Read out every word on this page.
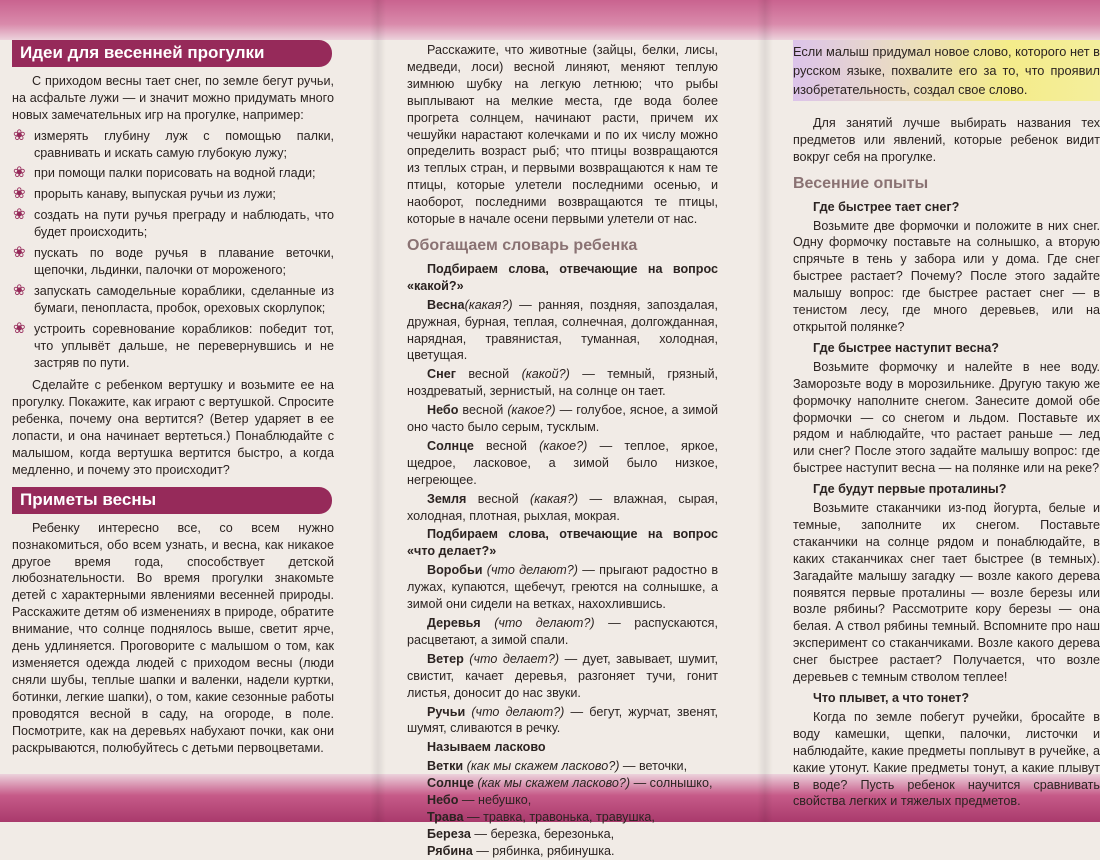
Идеи для весенней прогулки

С приходом весны тает снег, по земле бегут ручьи, на асфальте лужи — и значит можно придумать много новых замечательных игр на прогулке, например:

❀ измерять глубину луж с помощью палки, сравнивать и искать самую глубокую лужу;
❀ при помощи палки порисовать на водной глади;
❀ прорыть канаву, выпуская ручьи из лужи;
❀ создать на пути ручья преграду и наблюдать, что будет происходить;
❀ пускать по воде ручья в плавание веточки, щепочки, льдинки, палочки от мороженого;
❀ запускать самодельные кораблики, сделанные из бумаги, пенопласта, пробок, ореховых скорлупок;
❀ устроить соревнование корабликов: победит тот, что уплывёт дальше, не перевернувшись и не застряв по пути.

Сделайте с ребенком вертушку и возьмите ее на прогулку. Покажите, как играют с вертушкой. Спросите ребенка, почему она вертится? (Ветер ударяет в ее лопасти, и она начинает вертеться.) Понаблюдайте с малышом, когда вертушка вертится быстро, а когда медленно, и почему это происходит?

Приметы весны

Ребенку интересно все, со всем нужно познакомиться, обо всем узнать, и весна, как никакое другое время года, способствует детской любознательности. Во время прогулки знакомьте детей с характерными явлениями весенней природы. Расскажите детям об изменениях в природе, обратите внимание, что солнце поднялось выше, светит ярче, день удлиняется. Проговорите с малышом о том, как изменяется одежда людей с приходом весны (люди сняли шубы, теплые шапки и валенки, надели куртки, ботинки, легкие шапки), о том, какие сезонные работы проводятся весной в саду, на огороде, в поле. Посмотрите, как на деревьях набухают почки, как они раскрываются, полюбуйтесь с детьми первоцветами.

Расскажите, что животные (зайцы, белки, лисы, медведи, лоси) весной линяют, меняют теплую зимнюю шубку на легкую летнюю; что рыбы выплывают на мелкие места, где вода более прогрета солнцем, начинают расти, причем их чешуйки нарастают колечками и по их числу можно определить возраст рыб; что птицы возвращаются из теплых стран, и первыми возвращаются к нам те птицы, которые улетели последними осенью, и наоборот, последними возвращаются те птицы, которые в начале осени первыми улетели от нас.

Обогащаем словарь ребенка

Подбираем слова, отвечающие на вопрос «какой?»

Весна(какая?) — ранняя, поздняя, запоздалая, дружная, бурная, теплая, солнечная, долгожданная, нарядная, травянистая, туманная, холодная, цветущая.

Снег весной (какой?) — темный, грязный, ноздреватый, зернистый, на солнце он тает.

Небо весной (какое?) — голубое, ясное, а зимой оно часто было серым, тусклым.

Солнце весной (какое?) — теплое, яркое, щедрое, ласковое, а зимой было низкое, негреющее.

Земля весной (какая?) — влажная, сырая, холодная, плотная, рыхлая, мокрая.

Подбираем слова, отвечающие на вопрос «что делает?»

Воробьи (что делают?) — прыгают радостно в лужах, купаются, щебечут, греются на солнышке, а зимой они сидели на ветках, нахохлившись.

Деревья (что делают?) — распускаются, расцветают, а зимой спали.

Ветер (что делает?) — дует, завывает, шумит, свистит, качает деревья, разгоняет тучи, гонит листья, доносит до нас звуки.

Ручьи (что делают?) — бегут, журчат, звенят, шумят, сливаются в речку.

Называем ласково

Ветки (как мы скажем ласково?) — веточки,

Солнце (как мы скажем ласково?) — солнышко,

Небо — небушко,

Трава — травка, травонька, травушка,

Береза — березка, березонька,

Рябина — рябинка, рябинушка.

Если малыш придумал новое слово, которого нет в русском языке, похвалите его за то, что проявил изобретательность, создал свое слово.

Для занятий лучше выбирать названия тех предметов или явлений, которые ребенок видит вокруг себя на прогулке.

Весенние опыты

Где быстрее тает снег?

Возьмите две формочки и положите в них снег. Одну формочку поставьте на солнышко, а вторую спрячьте в тень у забора или у дома. Где снег быстрее растает? Почему? После этого задайте малышу вопрос: где быстрее растает снег — в тенистом лесу, где много деревьев, или на открытой полянке?

Где быстрее наступит весна?

Возьмите формочку и налейте в нее воду. Заморозьте воду в морозильнике. Другую такую же формочку наполните снегом. Занесите домой обе формочки — со снегом и льдом. Поставьте их рядом и наблюдайте, что растает раньше — лед или снег? После этого задайте малышу вопрос: где быстрее наступит весна — на полянке или на реке?

Где будут первые проталины?

Возьмите стаканчики из-под йогурта, белые и темные, заполните их снегом. Поставьте стаканчики на солнце рядом и понаблюдайте, в каких стаканчиках снег тает быстрее (в темных). Загадайте малышу загадку — возле какого дерева появятся первые проталины — возле березы или возле рябины? Рассмотрите кору березы — она белая. А ствол рябины темный. Вспомните про наш эксперимент со стаканчиками. Возле какого дерева снег быстрее растает? Получается, что возле деревьев с темным стволом теплее!

Что плывет, а что тонет?

Когда по земле побегут ручейки, бросайте в воду камешки, щепки, палочки, листочки и наблюдайте, какие предметы поплывут в ручейке, а какие утонут. Какие предметы тонут, а какие плывут в воде? Пусть ребенок научится сравнивать свойства легких и тяжелых предметов.
